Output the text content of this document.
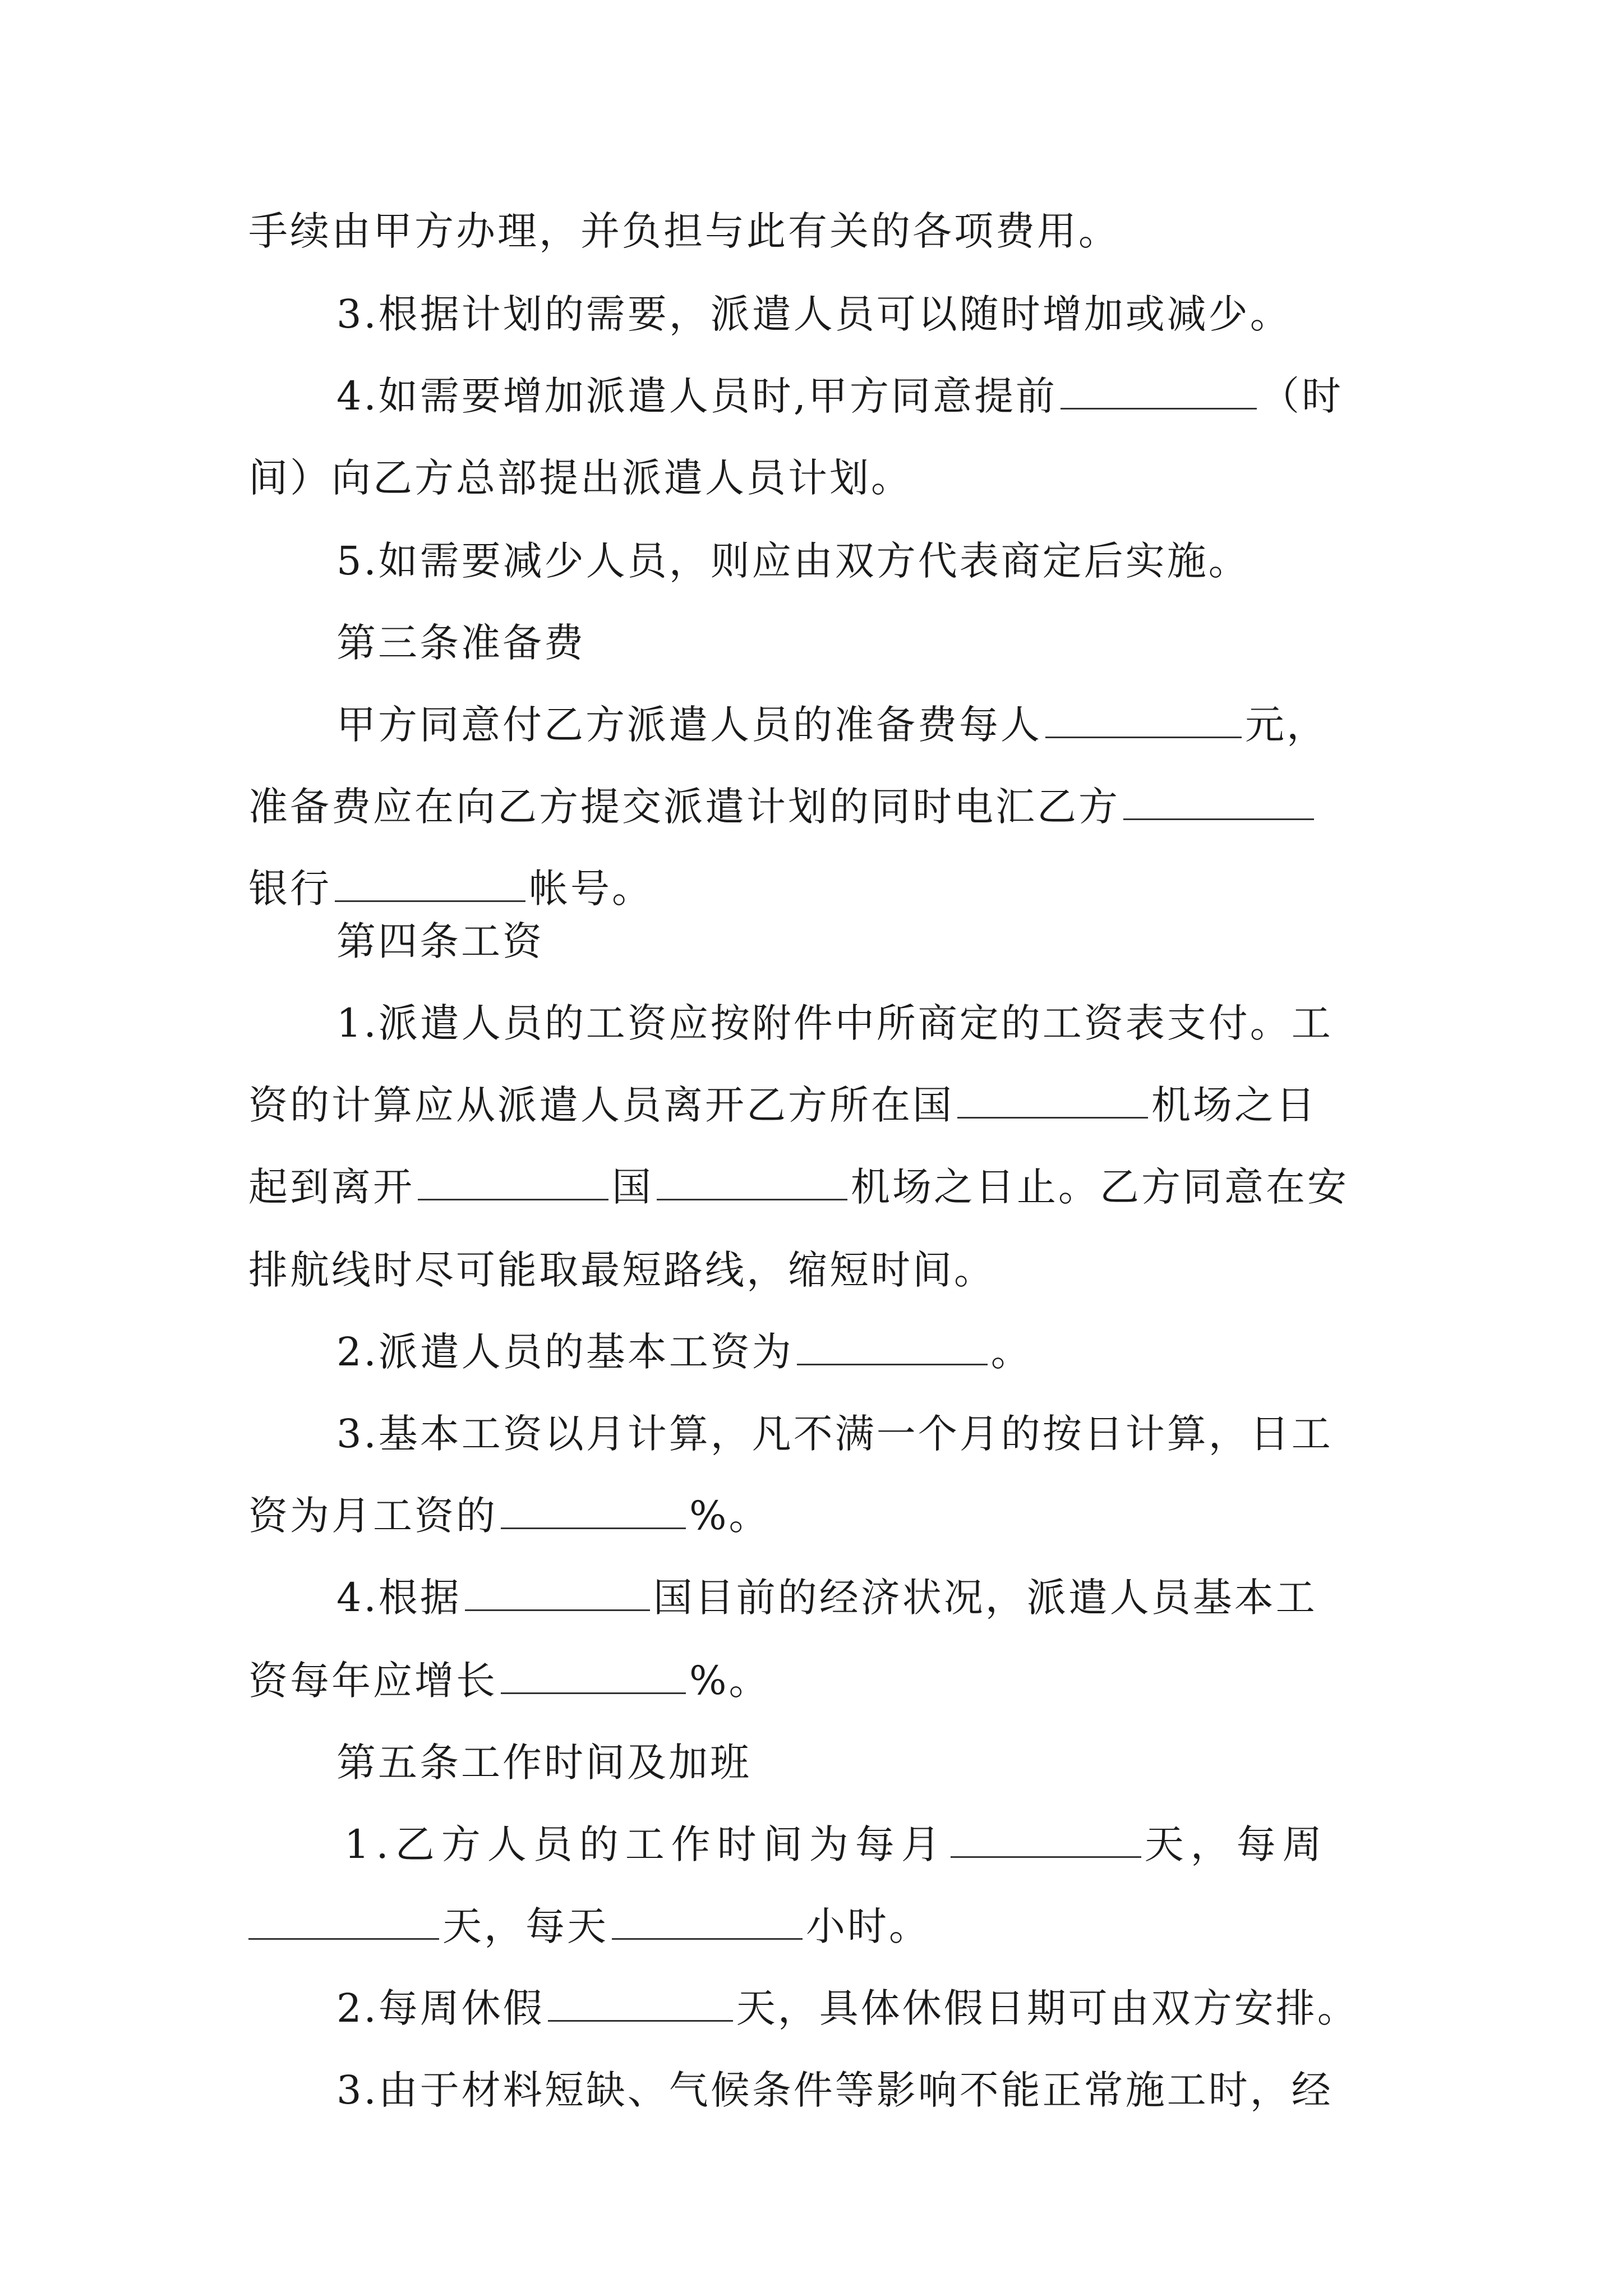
手续由甲方办理，并负担与此有关的各项费用。
3.根据计划的需要，派遣人员可以随时增加或减少。
4.如需要增加派遣人员时,甲方同意提前	（时
间）向乙方总部提出派遣人员计划。
5.如需要减少人员，则应由双方代表商定后实施。
第三条准备费
甲方同意付乙方派遣人员的准备费每人	元，
准备费应在向乙方提交派遣计划的同时电汇乙方
银行	帐号。
第四条工资
1.派遣人员的工资应按附件中所商定的工资表支付。工
资的计算应从派遣人员离开乙方所在国	机场之日
起到离开	国	机场之日止。乙方同意在安
排航线时尽可能取最短路线，缩短时间。
2.派遣人员的基本工资为	。
3.基本工资以月计算，凡不满一个月的按日计算，日工
资为月工资的	%。
4.根据	国目前的经济状况，派遣人员基本工
资每年应增长	%。
第五条工作时间及加班
1.乙方人员的工作时间为每月	天，每周
天，每天	小时。
2.每周休假	天，具体休假日期可由双方安排。
3.由于材料短缺、气候条件等影响不能正常施工时，经
